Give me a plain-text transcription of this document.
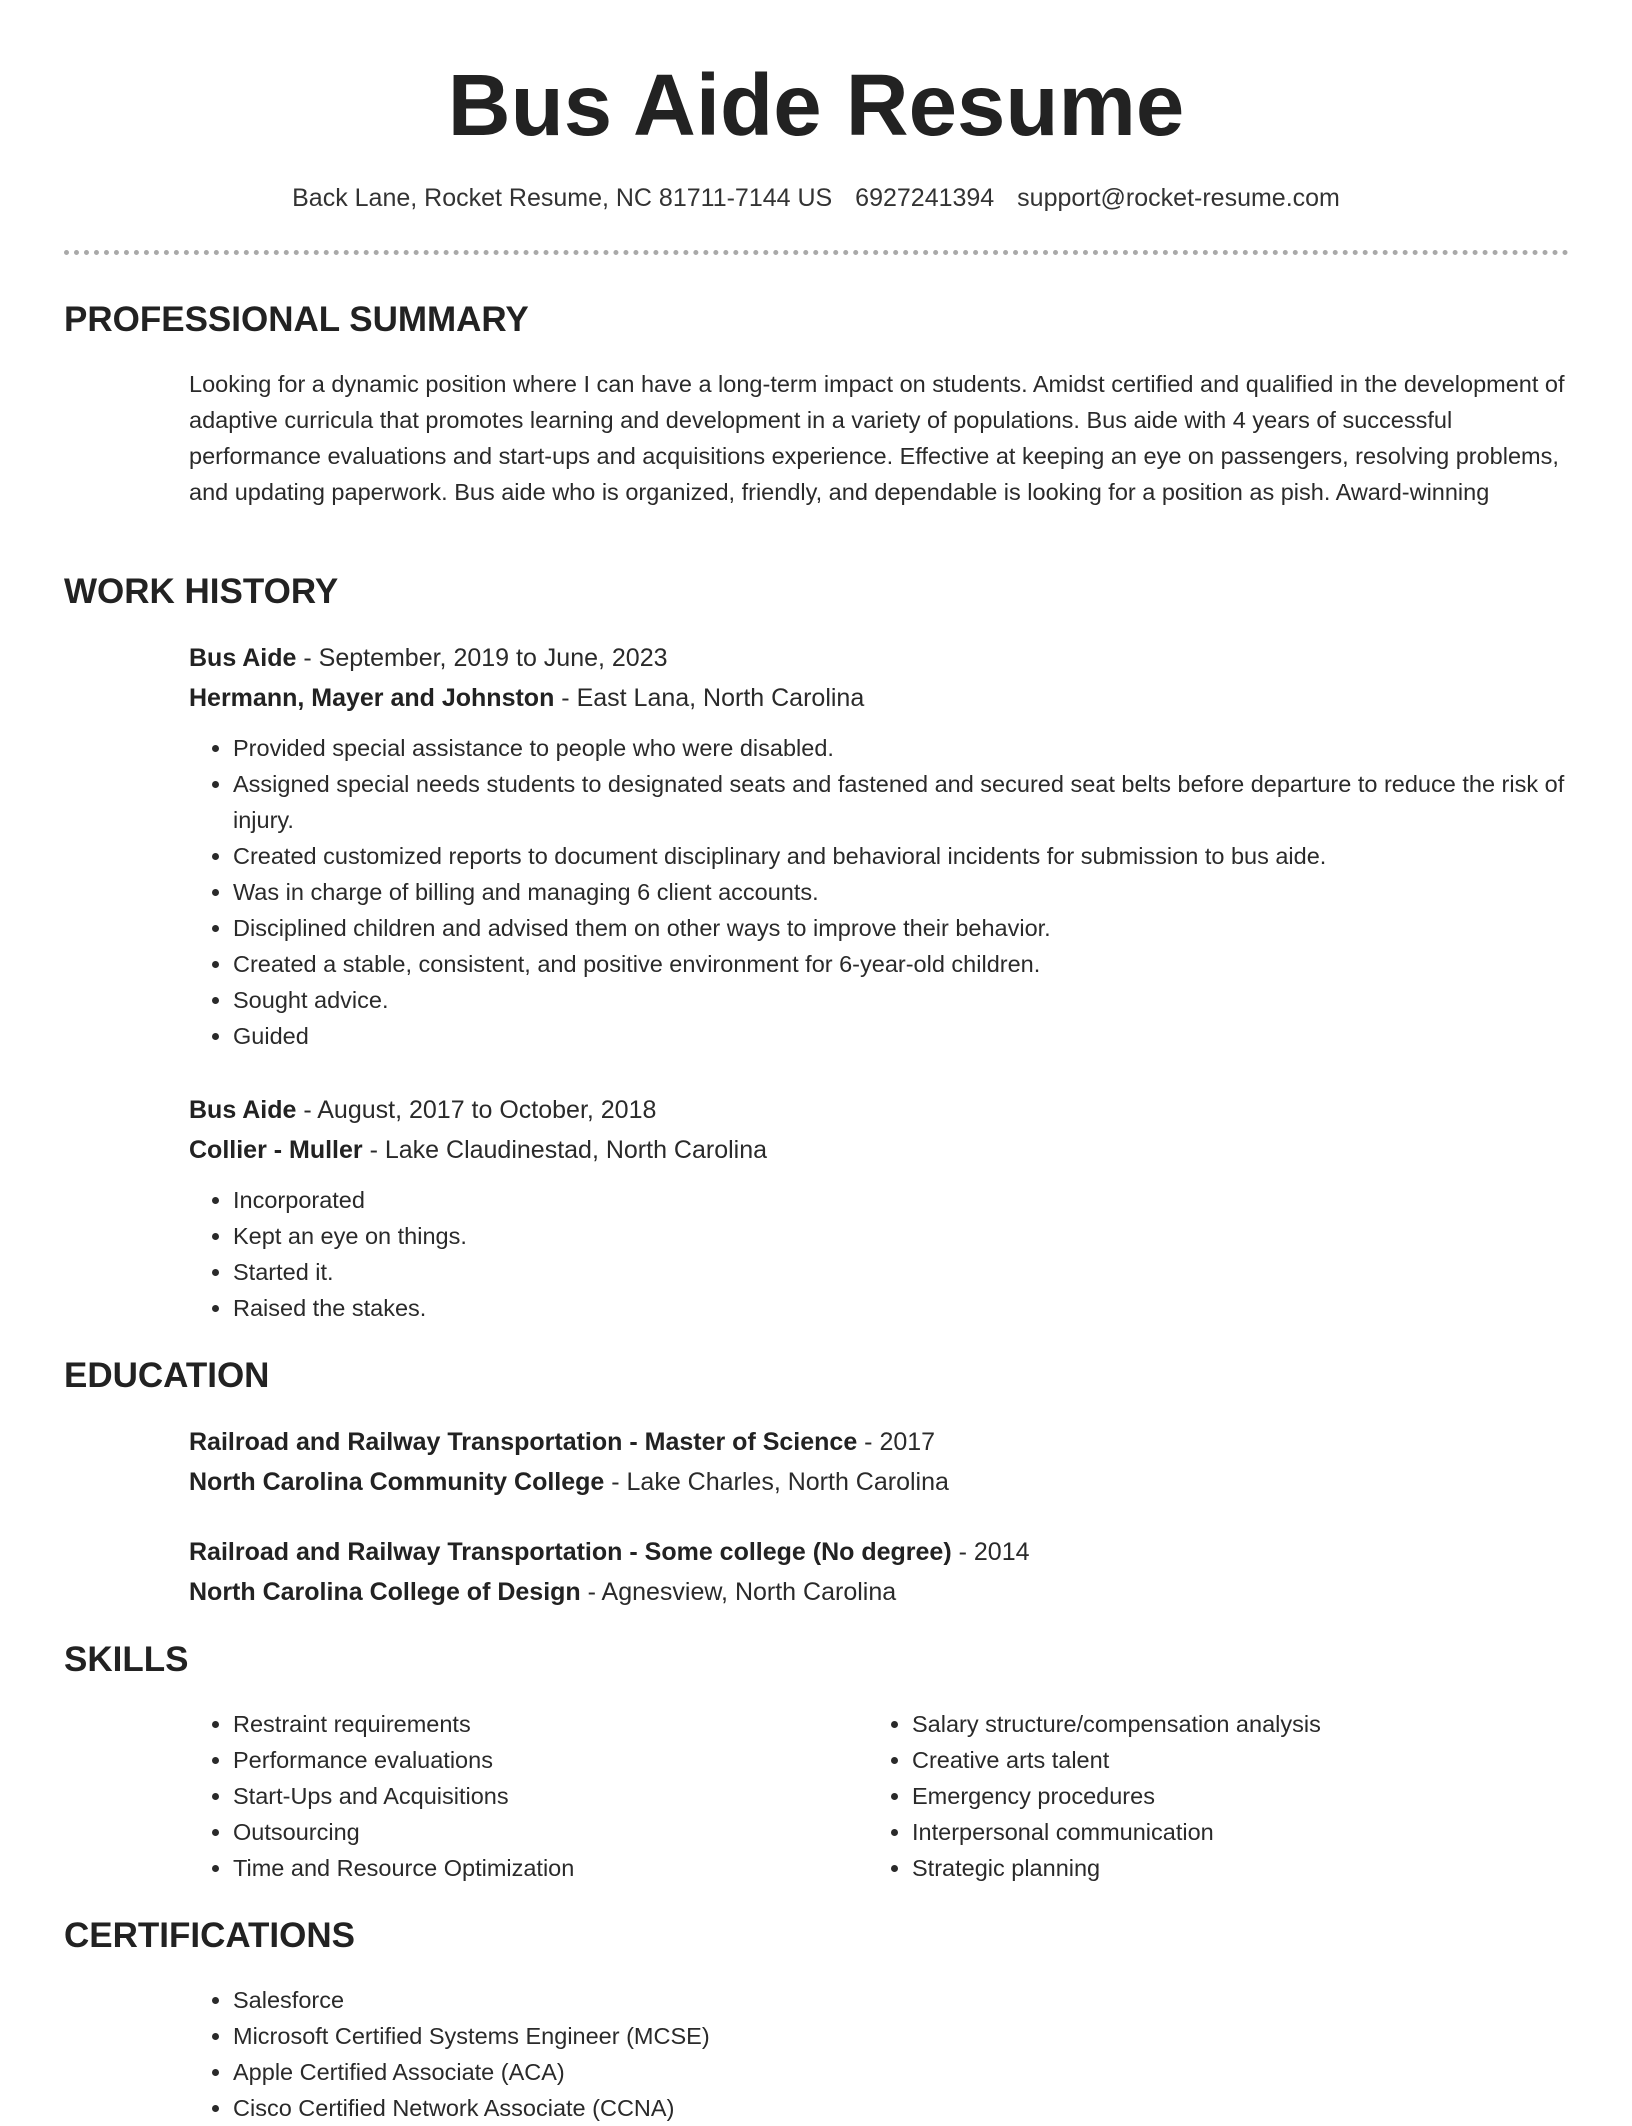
Bus Aide Resume
Back Lane, Rocket Resume, NC 81711-7144 US 6927241394 support@rocket-resume.com
PROFESSIONAL SUMMARY

Looking for a dynamic position where I can have a long-term impact on students. Amidst certified and qualified in the development of adaptive curricula that promotes learning and development in a variety of populations. Bus aide with 4 years of successful performance evaluations and start-ups and acquisitions experience. Effective at keeping an eye on passengers, resolving problems, and updating paperwork. Bus aide who is organized, friendly, and dependable is looking for a position as pish. Award-winning

WORK HISTORY
Bus Aide - September, 2019 to June, 2023
Hermann, Mayer and Johnston - East Lana, North Carolina
• Provided special assistance to people who were disabled.
• Assigned special needs students to designated seats and fastened and secured seat belts before departure to reduce the risk of injury.
• Created customized reports to document disciplinary and behavioral incidents for submission to bus aide.
• Was in charge of billing and managing 6 client accounts.
• Disciplined children and advised them on other ways to improve their behavior.
• Created a stable, consistent, and positive environment for 6-year-old children.
• Sought advice.
• Guided
Bus Aide - August, 2017 to October, 2018
Collier - Muller - Lake Claudinestad, North Carolina
• Incorporated
• Kept an eye on things.
• Started it.
• Raised the stakes.
EDUCATION
Railroad and Railway Transportation - Master of Science - 2017
North Carolina Community College - Lake Charles, North Carolina
Railroad and Railway Transportation - Some college (No degree) - 2014
North Carolina College of Design - Agnesview, North Carolina
SKILLS
• Restraint requirements
• Performance evaluations
• Start-Ups and Acquisitions
• Outsourcing
• Time and Resource Optimization
• Salary structure/compensation analysis
• Creative arts talent
• Emergency procedures
• Interpersonal communication
• Strategic planning
CERTIFICATIONS
• Salesforce
• Microsoft Certified Systems Engineer (MCSE)
• Apple Certified Associate (ACA)
• Cisco Certified Network Associate (CCNA)
